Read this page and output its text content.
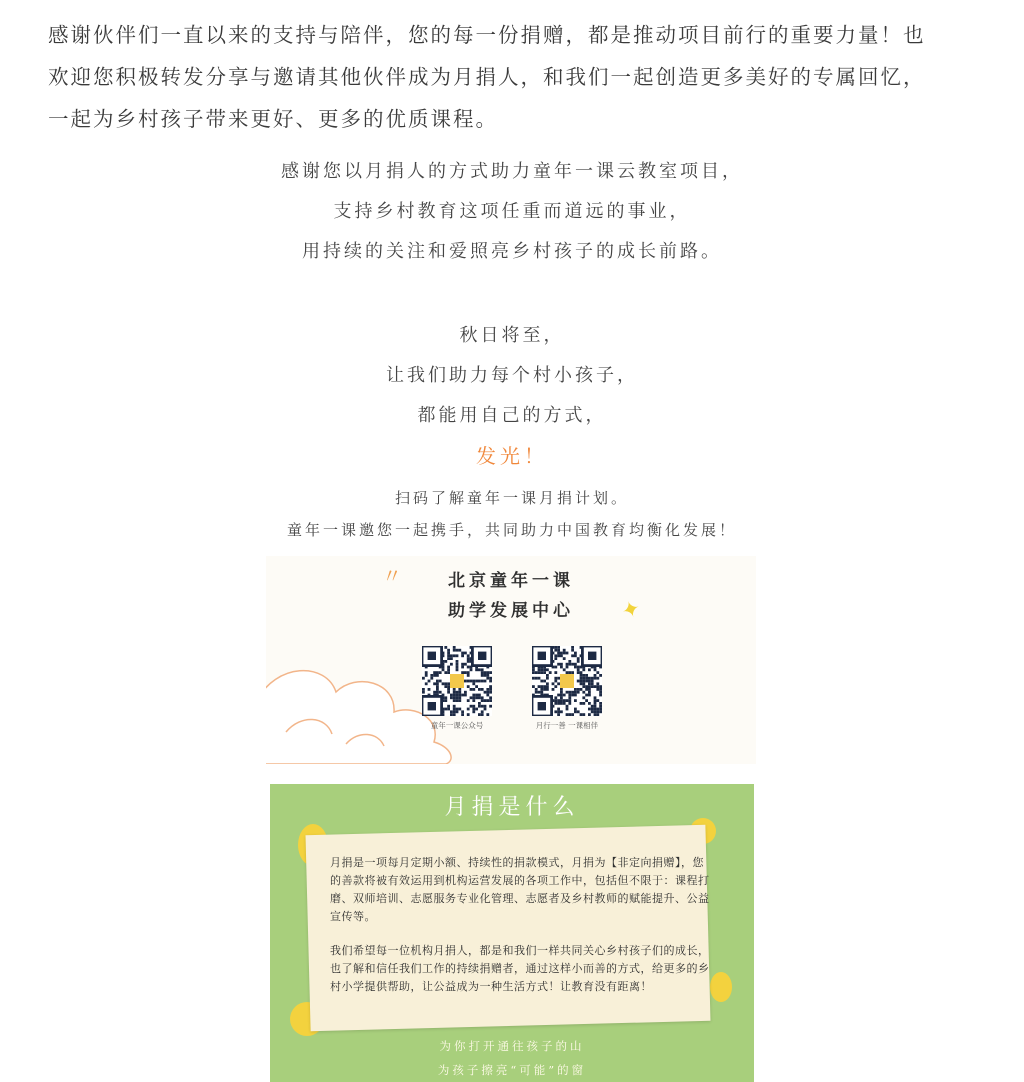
感谢伙伴们一直以来的支持与陪伴，您的每一份捐赠，都是推动项目前行的重要力量！也

欢迎您积极转发分享与邀请其他伙伴成为月捐人，和我们一起创造更多美好的专属回忆，

一起为乡村孩子带来更好、更多的优质课程。

感谢您以月捐人的方式助力童年一课云教室项目，
支持乡村教育这项任重而道远的事业，
用持续的关注和爱照亮乡村孩子的成长前路。
秋日将至，
让我们助力每个村小孩子，
都能用自己的方式，
发光！
扫码了解童年一课月捐计划。
童年一课邀您一起携手，共同助力中国教育均衡化发展！
〃
✦
北京童年一课
助学发展中心
童年一课公众号	月行一善 一课相伴
月捐是什么

月捐是一项每月定期小额、持续性的捐款模式，月捐为【非定向捐赠】，您的善款将被有效运用到机构运营发展的各项工作中，包括但不限于：课程打磨、双师培训、志愿服务专业化管理、志愿者及乡村教师的赋能提升、公益宣传等。

我们希望每一位机构月捐人，都是和我们一样共同关心乡村孩子们的成长，也了解和信任我们工作的持续捐赠者，通过这样小而善的方式，给更多的乡村小学提供帮助，让公益成为一种生活方式！让教育没有距离！

为你打开通往孩子的山
为孩子擦亮“可能”的窗
